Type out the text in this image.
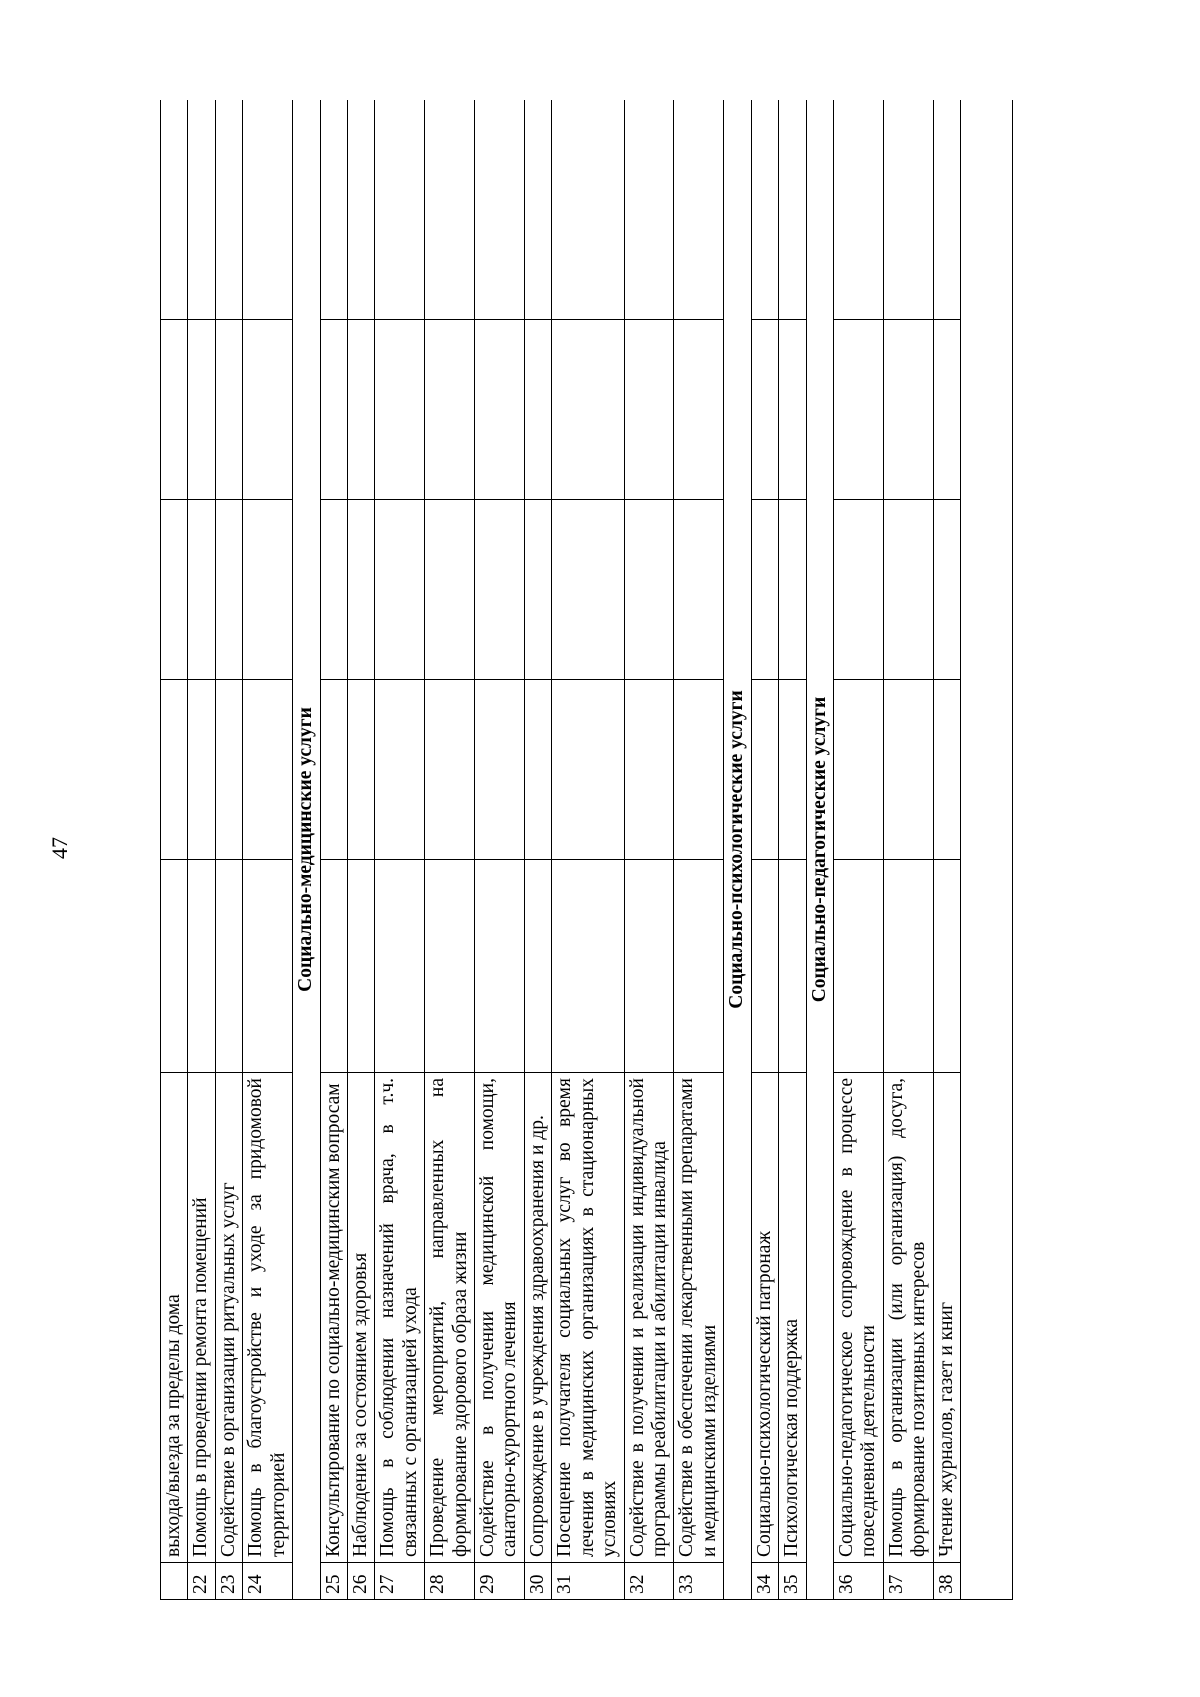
47
	выхода/выезда за пределы дома					
22	Помощь в проведении ремонта помещений					
23	Содействие в организации ритуальных услуг					
24	Помощь в благоустройстве и уходе за придомовой территорией					
Социально-медицинские услуги						
25	Консультирование по социально-медицинским вопросам					
26	Наблюдение за состоянием здоровья					
27	Помощь в соблюдении назначений врача, в т.ч. связанных с организацией ухода					
28	Проведение мероприятий, направленных на формирование здорового образа жизни					
29	Содействие в получении медицинской помощи, санаторно-курортного лечения					
30	Сопровождение в учреждения здравоохранения и др.					
31	Посещение получателя социальных услуг во время лечения в медицинских организациях в стационарных условиях					
32	Содействие в получении и реализации индивидуальной программы реабилитации и абилитации инвалида					
33	Содействие в обеспечении лекарственными препаратами и медицинскими изделиями					
Социально-психологические услуги						
34	Социально-психологический патронаж					
35	Психологическая поддержка					
Социально-педагогические услуги						
36	Социально-педагогическое сопровождение в процессе повседневной деятельности					
37	Помощь в организации (или организация) досуга, формирование позитивных интересов					
38	Чтение журналов, газет и книг					
